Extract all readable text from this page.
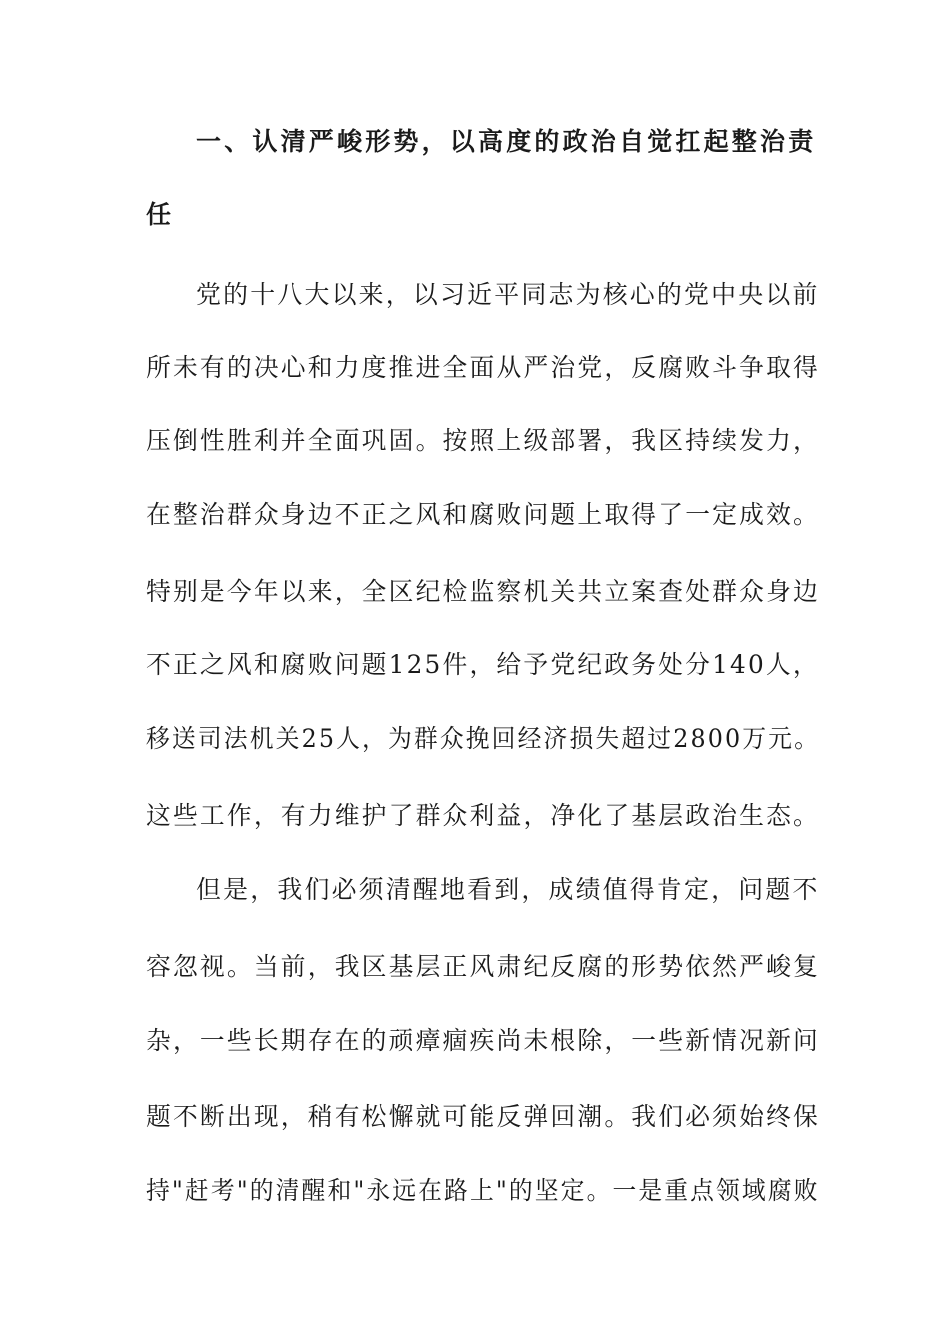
一、认清严峻形势，以高度的政治自觉扛起整治责
任
党的十八大以来，以习近平同志为核心的党中央以前
所未有的决心和力度推进全面从严治党，反腐败斗争取得
压倒性胜利并全面巩固。按照上级部署，我区持续发力，
在整治群众身边不正之风和腐败问题上取得了一定成效。
特别是今年以来，全区纪检监察机关共立案查处群众身边
不正之风和腐败问题125件，给予党纪政务处分140人，
移送司法机关25人，为群众挽回经济损失超过2800万元。
这些工作，有力维护了群众利益，净化了基层政治生态。
但是，我们必须清醒地看到，成绩值得肯定，问题不
容忽视。当前，我区基层正风肃纪反腐的形势依然严峻复
杂，一些长期存在的顽瘴痼疾尚未根除，一些新情况新问
题不断出现，稍有松懈就可能反弹回潮。我们必须始终保
持"赶考"的清醒和"永远在路上"的坚定。一是重点领域腐败
